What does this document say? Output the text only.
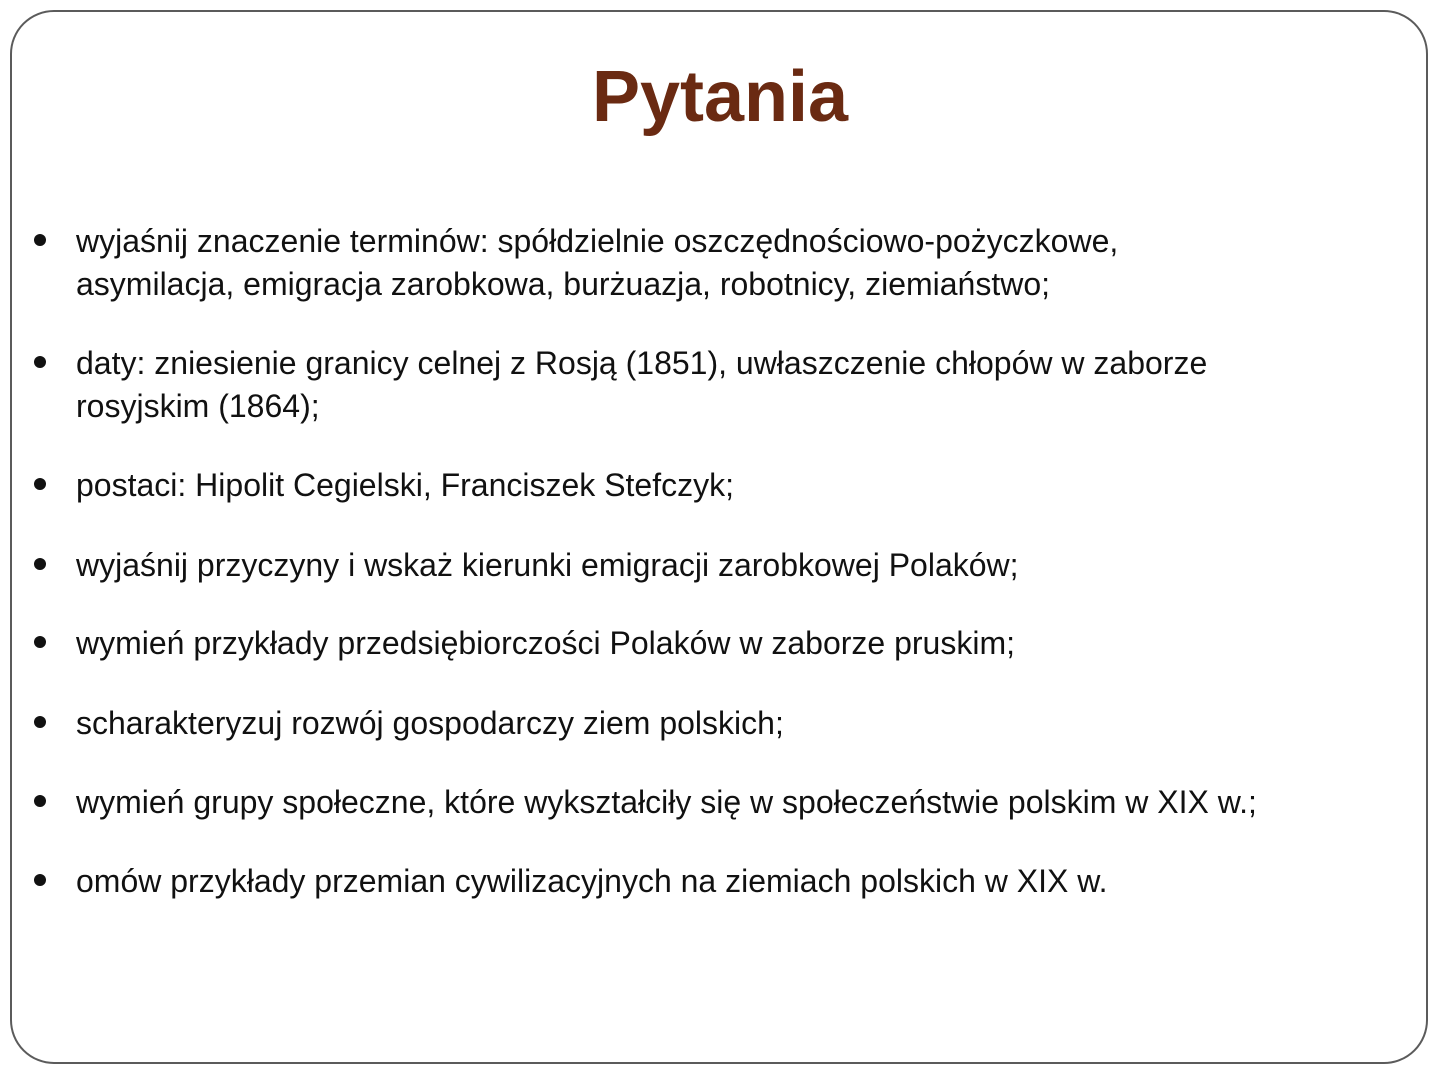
Pytania
wyjaśnij znaczenie terminów: spółdzielnie oszczędnościowo-pożyczkowe,
asymilacja, emigracja zarobkowa, burżuazja, robotnicy, ziemiaństwo;
daty: zniesienie granicy celnej z Rosją (1851), uwłaszczenie chłopów w zaborze
rosyjskim (1864);
postaci: Hipolit Cegielski, Franciszek Stefczyk;
wyjaśnij przyczyny i wskaż kierunki emigracji zarobkowej Polaków;
wymień przykłady przedsiębiorczości Polaków w zaborze pruskim;
scharakteryzuj rozwój gospodarczy ziem polskich;
wymień grupy społeczne, które wykształciły się w społeczeństwie polskim w XIX w.;
omów przykłady przemian cywilizacyjnych na ziemiach polskich w XIX w.
